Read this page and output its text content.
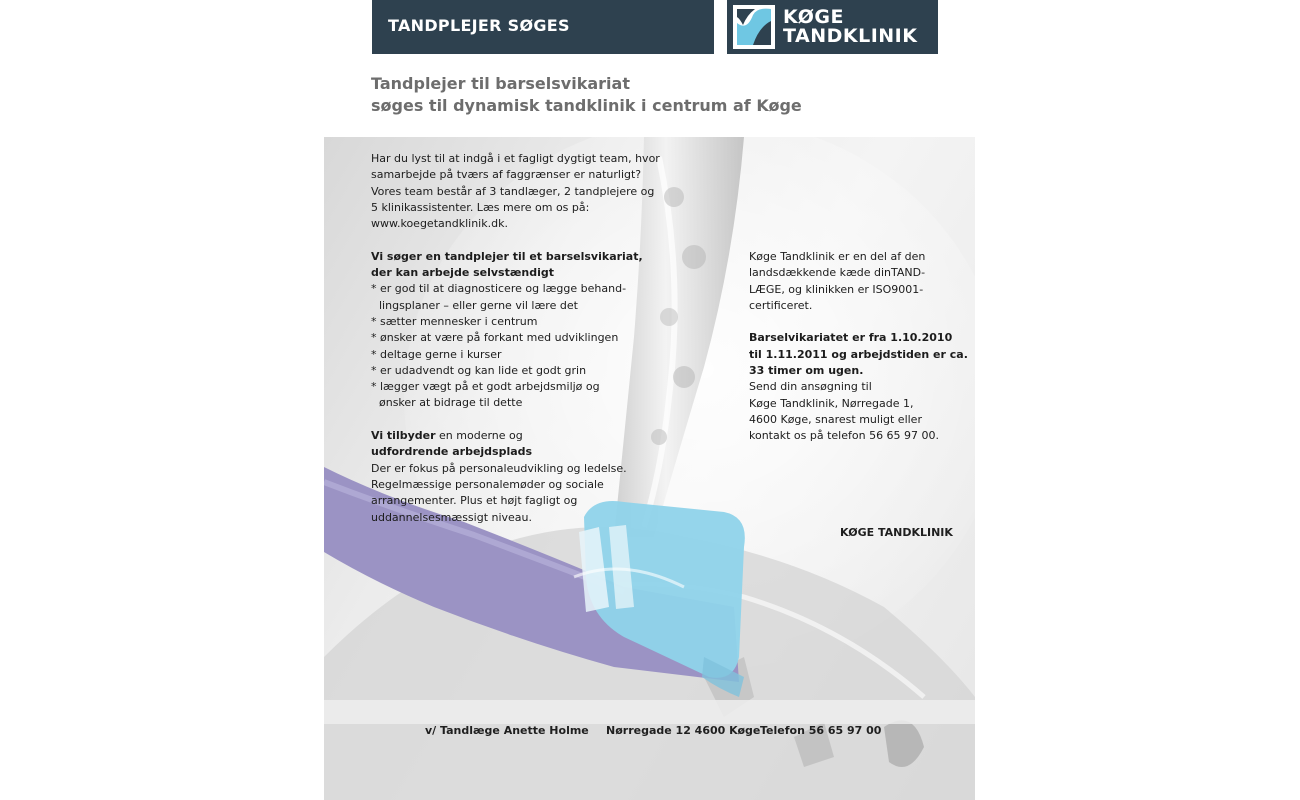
TANDPLEJER SØGES	KØGE
TANDKLINIK
Tandplejer til barselsvikariat
søges til dynamisk tandklinik i centrum af Køge

Har du lyst til at indgå i et fagligt dygtigt team, hvor

samarbejde på tværs af faggrænser er naturligt?

Vores team består af 3 tandlæger, 2 tandplejere og

5 klinikassistenter. Læs mere om os på:

www.koegetandklinik.dk.

Vi søger en tandplejer til et barselsvikariat,

der kan arbejde selvstændigt

* er god til at diagnosticere og lægge behand-

lingsplaner – eller gerne vil lære det

* sætter mennesker i centrum

* ønsker at være på forkant med udviklingen

* deltage gerne i kurser

* er udadvendt og kan lide et godt grin

* lægger vægt på et godt arbejdsmiljø og

ønsker at bidrage til dette

Vi tilbyder en moderne og

udfordrende arbejdsplads

Der er fokus på personaleudvikling og ledelse.

Regelmæssige personalemøder og sociale

arrangementer. Plus et højt fagligt og

uddannelsesmæssigt niveau.

Køge Tandklinik er en del af den

landsdækkende kæde dinTAND-

LÆGE, og klinikken er ISO9001-

certificeret.

Barselvikariatet er fra 1.10.2010

til 1.11.2011 og arbejdstiden er ca.

33 timer om ugen.

Send din ansøgning til

Køge Tandklinik, Nørregade 1,

4600 Køge, snarest muligt eller

kontakt os på telefon 56 65 97 00.

KØGE TANDKLINIK
v/ Tandlæge Anette Holme Nørregade 12 4600 Køge Telefon 56 65 97 00
